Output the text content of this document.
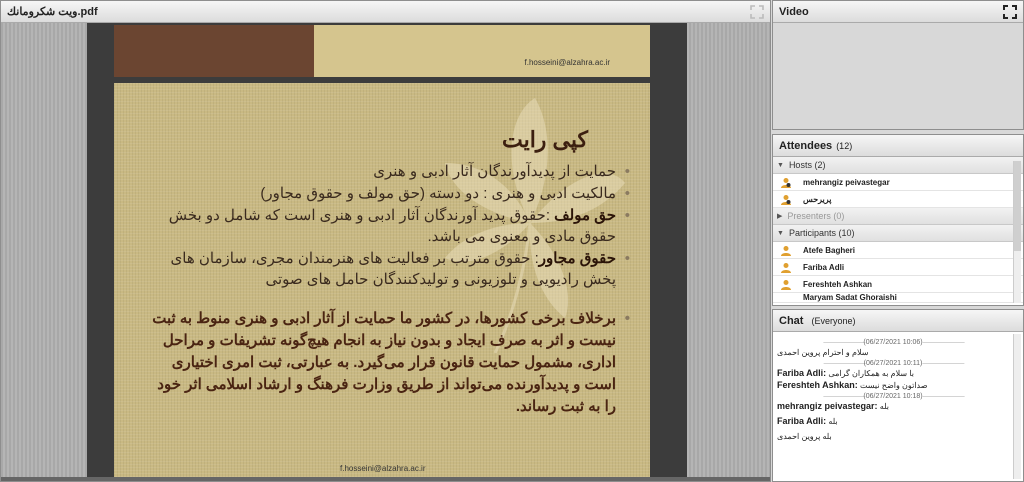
ﻭﻳﺖ ﺷﻜﺮﻭﻣﺎﻧﻚ.pdf
f.hosseini@alzahra.ac.ir
کپی رایت
• حمایت از پدیدآورندگان آثار ادبی و هنری
• مالکیت ادبی و هنری : دو دسته (حق مولف و حقوق مجاور)
• حق مولف :حقوق پدید آورندگان آثار ادبی و هنری است که شامل دو بخش حقوق مادی و معنوی می باشد.
• حقوق مجاور: حقوق مترتب بر فعالیت های هنرمندان مجری، سازمان های پخش رادیویی و تلوزیونی و تولیدکنندگان حامل های صوتی
• برخلاف برخی کشورها، در کشور ما حمایت از آثار ادبی و هنری منوط به ثبت نیست و اثر به صرف ایجاد و بدون نیاز به انجام هیچ‌گونه تشریفات و مراحل اداری، مشمول حمایت قانون قرار می‌گیرد. به عبارتی، ثبت امری اختیاری است و پدیدآورنده می‌تواند از طریق وزارت فرهنگ و ارشاد اسلامی اثر خود را به ثبت رساند.
f.hosseini@alzahra.ac.ir
Video
Attendees (12)
▼ Hosts (2)
mehrangiz peivastegar
پریرحس
▶ Presenters (0)
▼ Participants (10)
Atefe Bagheri
Fariba Adli
Fereshteh Ashkan
Maryam Sadat Ghoraishi
Chat (Everyone)
———————— (06/27/2021 10:06) ————————
سلام و احترام پروین احمدی
———————— (06/27/2021 10:11) ————————
Fariba Adli: با سلام به همکاران گرامی
Fereshteh Ashkan: صداتون واضح نیست
———————— (06/27/2021 10:18) ————————
mehrangiz peivastegar: بله
Fariba Adli: بله
بله پروین احمدی
